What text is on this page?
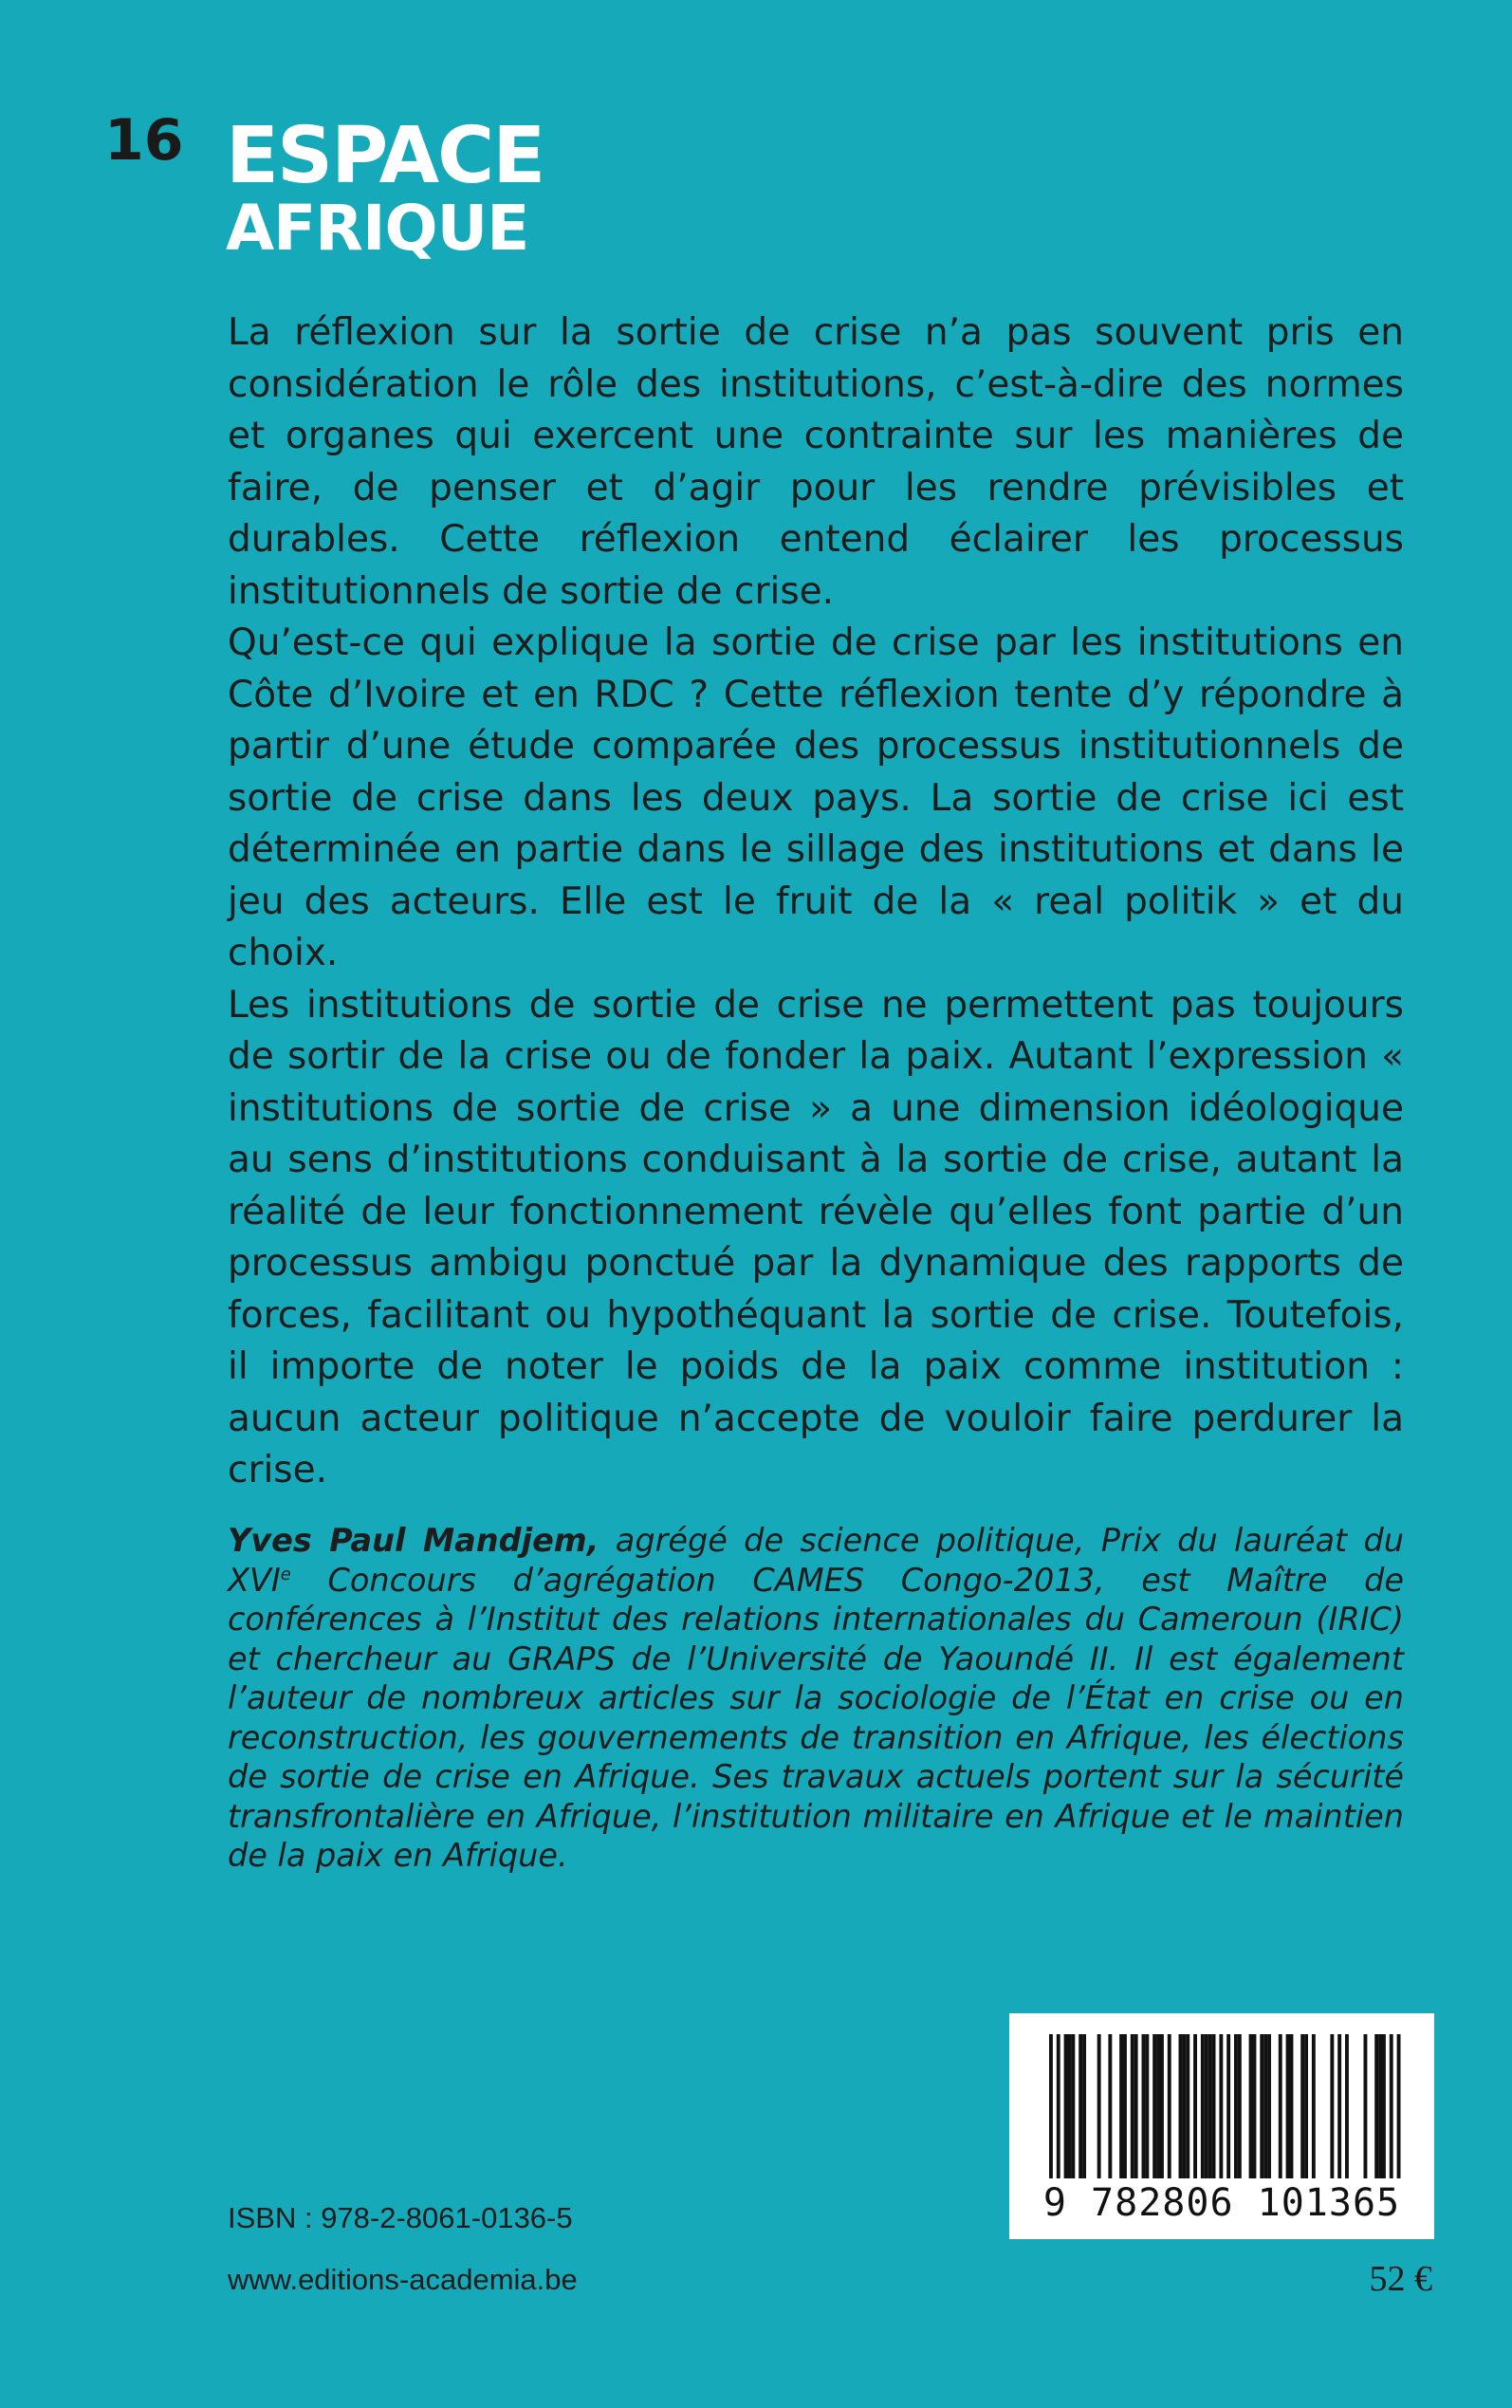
16 ESPACE
AFRIQUE

La réflexion sur la sortie de crise n’a pas souvent pris en considération le rôle des institutions, c’est-à-dire des normes et organes qui exercent une contrainte sur les manières de faire, de penser et d’agir pour les rendre prévisibles et durables. Cette réflexion entend éclairer les processus institutionnels de sortie de crise.

Qu’est-ce qui explique la sortie de crise par les institutions en Côte d’Ivoire et en RDC ? Cette réflexion tente d’y répondre à partir d’une étude comparée des processus institutionnels de sortie de crise dans les deux pays. La sortie de crise ici est déterminée en partie dans le sillage des institutions et dans le jeu des acteurs. Elle est le fruit de la « real politik » et du choix.

Les institutions de sortie de crise ne permettent pas toujours de sortir de la crise ou de fonder la paix. Autant l’expression « institutions de sortie de crise » a une dimension idéologique au sens d’institutions conduisant à la sortie de crise, autant la réalité de leur fonctionnement révèle qu’elles font partie d’un processus ambigu ponctué par la dynamique des rapports de forces, facilitant ou hypothéquant la sortie de crise. Toutefois, il importe de noter le poids de la paix comme institution : aucun acteur politique n’accepte de vouloir faire perdurer la crise.

Yves Paul Mandjem, agrégé de science politique, Prix du lauréat du XVIe Concours d’agrégation CAMES Congo-2013, est Maître de conférences à l’Institut des relations internationales du Cameroun (IRIC) et chercheur au GRAPS de l’Université de Yaoundé II. Il est également l’auteur de nombreux articles sur la sociologie de l’État en crise ou en reconstruction, les gouvernements de transition en Afrique, les élections de sortie de crise en Afrique. Ses travaux actuels portent sur la sécurité transfrontalière en Afrique, l’institution militaire en Afrique et le maintien de la paix en Afrique.
9 782806 101365
ISBN : 978-2-8061-0136-5
www.editions-academia.be	52 €
